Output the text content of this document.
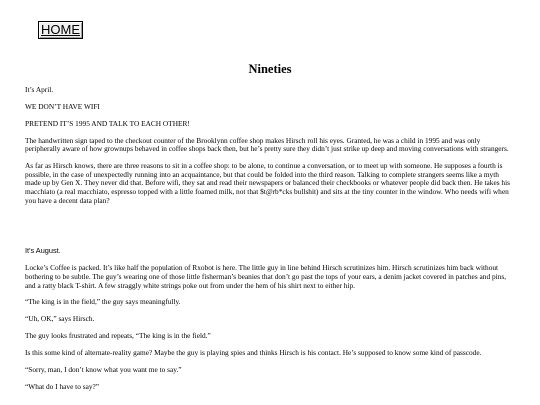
HOME
Nineties

It’s April.

WE DON’T HAVE WIFI

PRETEND IT’S 1995 AND TALK TO EACH OTHER!

The handwritten sign taped to the checkout counter of the Brooklynn coffee shop makes Hirsch roll his eyes. Granted, he was a child in 1995 and was only peripherally aware of how grownups behaved in coffee shops back then, but he’s pretty sure they didn’t just strike up deep and moving conversations with strangers.

As far as Hirsch knows, there are three reasons to sit in a coffee shop: to be alone, to continue a conversation, or to meet up with someone. He supposes a fourth is possible, in the case of unexpectedly running into an acquaintance, but that could be folded into the third reason. Talking to complete strangers seems like a myth made up by Gen X. They never did that. Before wifi, they sat and read their newspapers or balanced their checkbooks or whatever people did back then. He takes his macchiato (a real macchiato, espresso topped with a little foamed milk, not that $t@rb*cks bullshit) and sits at the tiny counter in the window. Who needs wifi when you have a decent data plan?

It's August.

Locke’s Coffee is packed. It’s like half the population of Rxobot is here. The little guy in line behind Hirsch scrutinizes him. Hirsch scrutinizes him back without bothering to be subtle. The guy’s wearing one of those little fisherman’s beanies that don’t go past the tops of your ears, a denim jacket covered in patches and pins, and a ratty black T-shirt. A few straggly white strings poke out from under the hem of his shirt next to either hip.

“The king is in the field,” the guy says meaningfully.

“Uh, OK,” says Hirsch.

The guy looks frustrated and repeats, “The king is in the field.”

Is this some kind of alternate-reality game? Maybe the guy is playing spies and thinks Hirsch is his contact. He’s supposed to know some kind of passcode.

“Sorry, man, I don’t know what you want me to say.”

“What do I have to say?”
